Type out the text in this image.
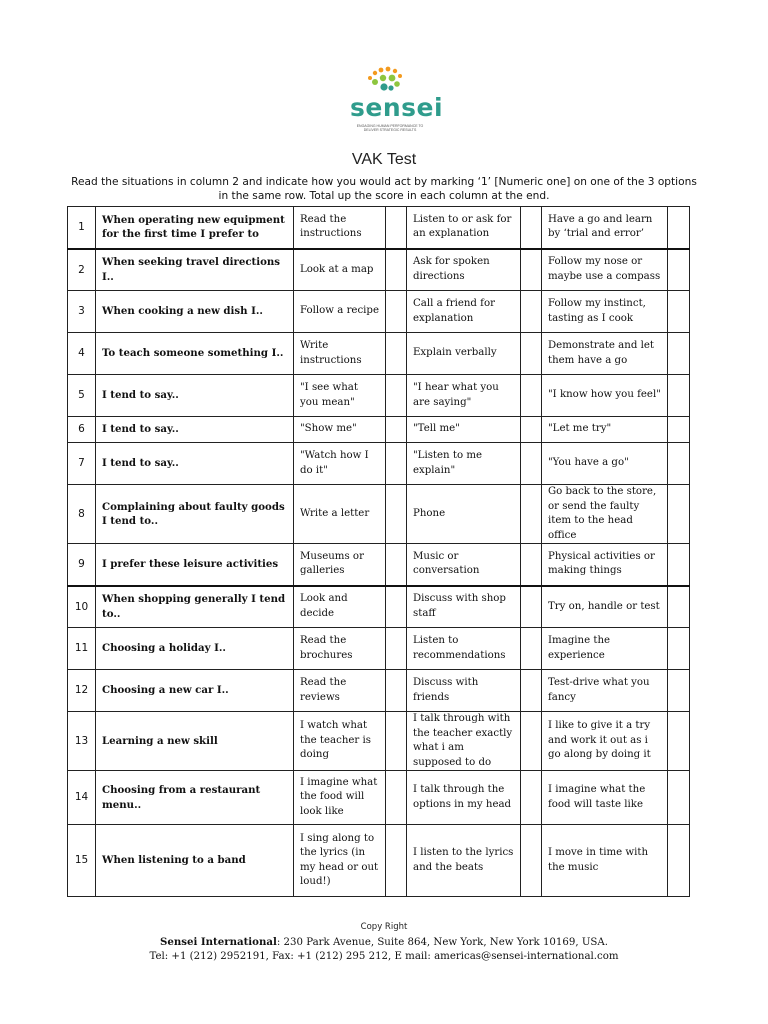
sensei
ENGAGING HUMAN PERFORMANCE TO DELIVER STRATEGIC RESULTS
VAK Test
Read the situations in column 2 and indicate how you would act by marking ‘1’ [Numeric one] on one of the 3 options in the same row. Total up the score in each column at the end.
1	When operating new equipment for the first time I prefer to	Read the instructions		Listen to or ask for an explanation		Have a go and learn by ‘trial and error’	
2	When seeking travel directions I..	Look at a map		Ask for spoken directions		Follow my nose or maybe use a compass	
3	When cooking a new dish I..	Follow a recipe		Call a friend for explanation		Follow my instinct, tasting as I cook	
4	To teach someone something I..	Write instructions		Explain verbally		Demonstrate and let them have a go	
5	I tend to say..	"I see what you mean"		"I hear what you are saying"		"I know how you feel"	
6	I tend to say..	"Show me"		"Tell me"		"Let me try"	
7	I tend to say..	"Watch how I do it"		"Listen to me explain"		"You have a go"	
8	Complaining about faulty goods I tend to..	Write a letter		Phone		Go back to the store, or send the faulty item to the head office	
9	I prefer these leisure activities	Museums or galleries		Music or conversation		Physical activities or making things	
10	When shopping generally I tend to..	Look and decide		Discuss with shop staff		Try on, handle or test	
11	Choosing a holiday I..	Read the brochures		Listen to recommendations		Imagine the experience	
12	Choosing a new car I..	Read the reviews		Discuss with friends		Test-drive what you fancy	
13	Learning a new skill	I watch what the teacher is doing		I talk through with the teacher exactly what i am supposed to do		I like to give it a try and work it out as i go along by doing it	
14	Choosing from a restaurant menu..	I imagine what the food will look like		I talk through the options in my head		I imagine what the food will taste like	
15	When listening to a band	I sing along to the lyrics (in my head or out loud!)		I listen to the lyrics and the beats		I move in time with the music	
Copy Right
Sensei International: 230 Park Avenue, Suite 864, New York, New York 10169, USA.
Tel: +1 (212) 2952191, Fax: +1 (212) 295 212, E mail: americas@sensei-international.com
